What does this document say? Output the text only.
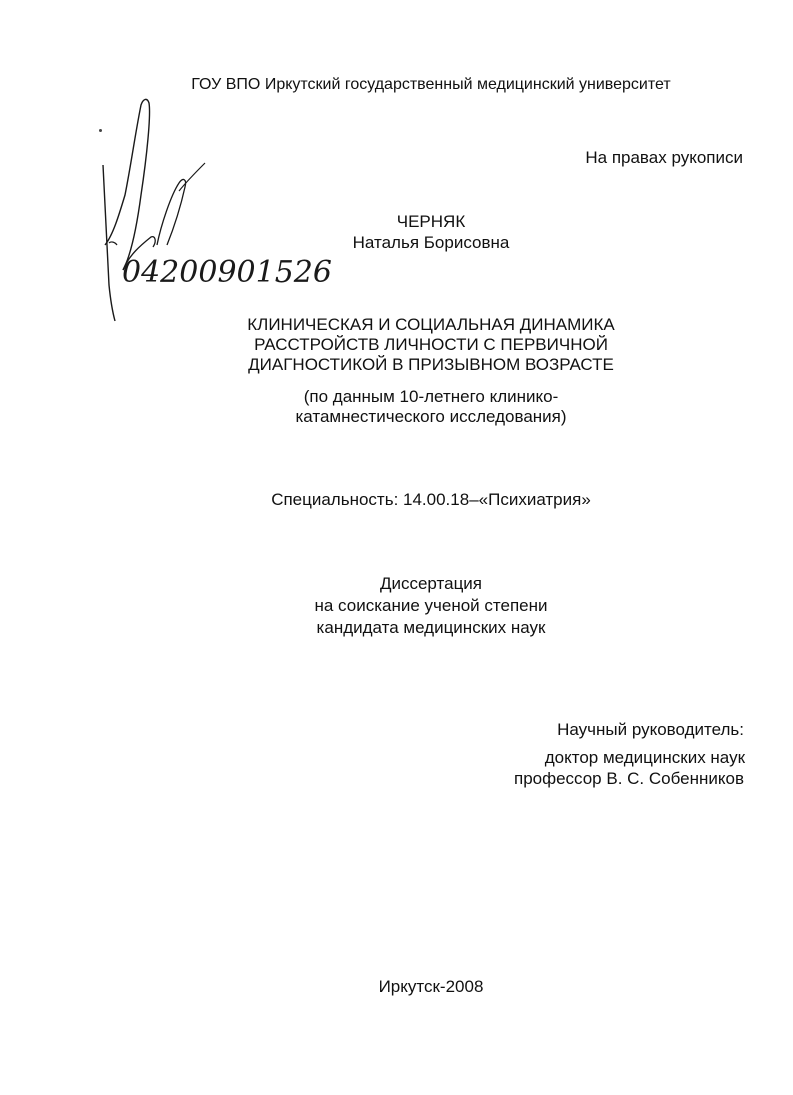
ГОУ ВПО Иркутский государственный медицинский университет

На правах рукописи

04200901526

ЧЕРНЯК

Наталья Борисовна

КЛИНИЧЕСКАЯ И СОЦИАЛЬНАЯ ДИНАМИКА
РАССТРОЙСТВ ЛИЧНОСТИ С ПЕРВИЧНОЙ
ДИАГНОСТИКОЙ В ПРИЗЫВНОМ ВОЗРАСТЕ

(по данным 10-летнего клинико-
катамнестического исследования)

Специальность: 14.00.18–«Психиатрия»

Диссертация
на соискание ученой степени
кандидата медицинских наук

Научный руководитель:

доктор медицинских наук

профессор В. С. Собенников

Иркутск-2008
